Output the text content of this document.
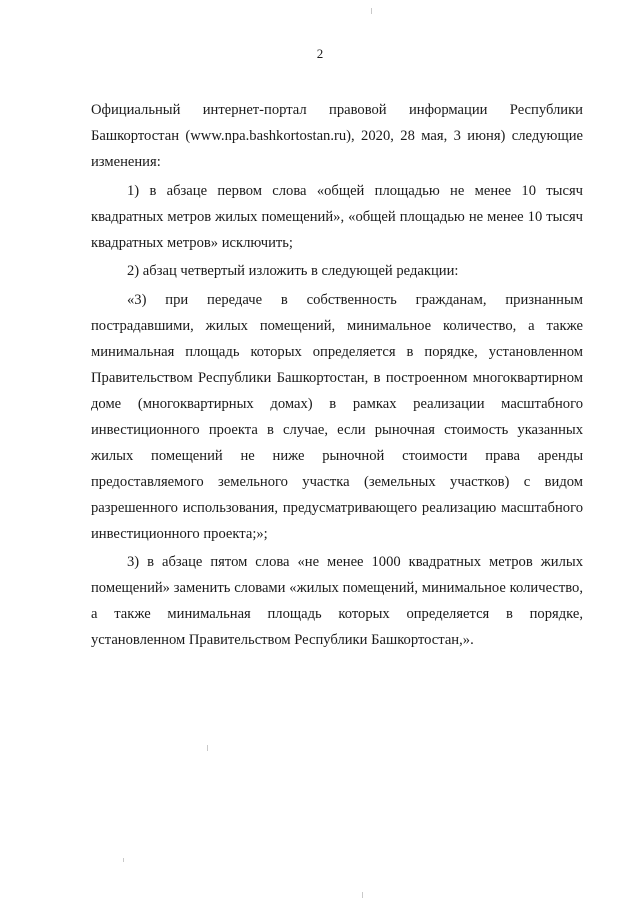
2

Официальный интернет-портал правовой информации Республики Башкортостан (www.npa.bashkortostan.ru), 2020, 28 мая, 3 июня) следующие изменения:

1) в абзаце первом слова «общей площадью не менее 10 тысяч квадратных метров жилых помещений», «общей площадью не менее 10 тысяч квадратных метров» исключить;

2) абзац четвертый изложить в следующей редакции:

«3) при передаче в собственность гражданам, признанным пострадавшими, жилых помещений, минимальное количество, а также минимальная площадь которых определяется в порядке, установленном Правительством Республики Башкортостан, в построенном многоквартирном доме (многоквартирных домах) в рамках реализации масштабного инвестиционного проекта в случае, если рыночная стоимость указанных жилых помещений не ниже рыночной стоимости права аренды предоставляемого земельного участка (земельных участков) с видом разрешенного использования, предусматривающего реализацию масштабного инвестиционного проекта;»;

3) в абзаце пятом слова «не менее 1000 квадратных метров жилых помещений» заменить словами «жилых помещений, минимальное количество, а также минимальная площадь которых определяется в порядке, установленном Правительством Республики Башкортостан,».
